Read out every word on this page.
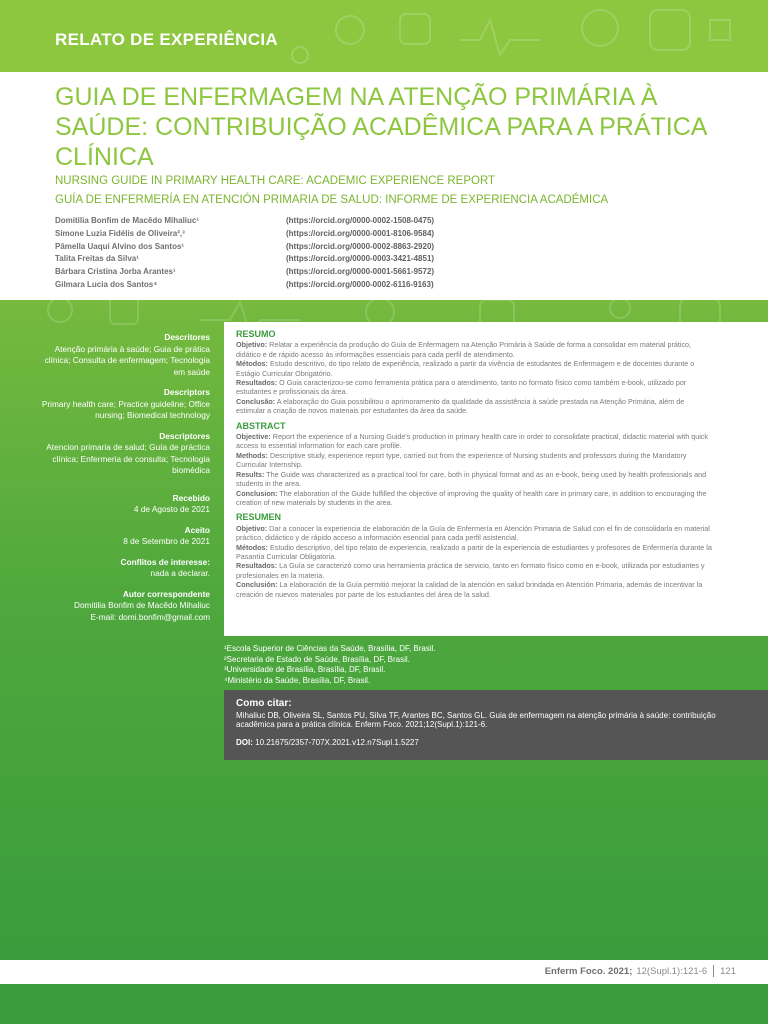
RELATO DE EXPERIÊNCIA
GUIA DE ENFERMAGEM NA ATENÇÃO PRIMÁRIA À SAÚDE: CONTRIBUIÇÃO ACADÊMICA PARA A PRÁTICA CLÍNICA
NURSING GUIDE IN PRIMARY HEALTH CARE: ACADEMIC EXPERIENCE REPORT
GUÍA DE ENFERMERÍA EN ATENCIÓN PRIMARIA DE SALUD: INFORME DE EXPERIENCIA ACADÉMICA
Domitilia Bonfim de Macêdo Mihaliuc¹	(https://orcid.org/0000-0002-1508-0475)
Simone Luzia Fidélis de Oliveira²,³	(https://orcid.org/0000-0001-8106-9584)
Pâmella Uaqui Alvino dos Santos¹	(https://orcid.org/0000-0002-8863-2920)
Talita Freitas da Silva¹	(https://orcid.org/0000-0003-3421-4851)
Bárbara Cristina Jorba Arantes¹	(https://orcid.org/0000-0001-5661-9572)
Gilmara Lucia dos Santos⁴	(https://orcid.org/0000-0002-6116-9163)
Descritores
Atenção primária à saúde; Guia de prática clínica; Consulta de enfermagem; Tecnologia em saúde
Descriptors
Primary health care; Practice guideline; Office nursing; Biomedical technology
Descriptores
Atencion primaria de salud; Guía de práctica clínica; Enfermeria de consulta; Tecnologia biomédica
Recebido
4 de Agosto de 2021
Aceito
8 de Setembro de 2021
Conflitos de interesse:
nada a declarar.
Autor correspondente
Domitilia Bonfim de Macêdo Mihaliuc
E-mail: domi.bonfim@gmail.com
RESUMO
Objetivo: Relatar a experiência da produção do Guia de Enfermagem na Atenção Primária à Saúde de forma a consolidar em material prático, didático e de rápido acesso às informações essenciais para cada perfil de atendimento.
Métodos: Estudo descritivo, do tipo relato de experiência, realizado a partir da vivência de estudantes de Enfermagem e de docentes durante o Estágio Curricular Obrigatório.
Resultados: O Guia caracterizou-se como ferramenta prática para o atendimento, tanto no formato físico como também e-book, utilizado por estudantes e profissionais da área.
Conclusão: A elaboração do Guia possibilitou o aprimoramento da qualidade da assistência à saúde prestada na Atenção Primária, além de estimular a criação de novos materiais por estudantes da área da saúde.
ABSTRACT
Objective: Report the experience of a Nursing Guide's production in primary health care in order to consolidate practical, didactic material with quick access to essential information for each care profile.
Methods: Descriptive study, experience report type, carried out from the experience of Nursing students and professors during the Mandatory Curricular Internship.
Results: The Guide was characterized as a practical tool for care, both in physical format and as an e-book, being used by health professionals and students in the area.
Conclusion: The elaboration of the Guide fulfilled the objective of improving the quality of health care in primary care, in addition to encouraging the creation of new materials by students in the area.
RESUMEN
Objetivo: Dar a conocer la experiencia de elaboración de la Guía de Enfermería en Atención Primaria de Salud con el fin de consolidarla en material práctico, didáctico y de rápido acceso a información esencial para cada perfil asistencial.
Métodos: Estudio descriptivo, del tipo relato de experiencia, realizado a partir de la experiencia de estudiantes y profesores de Enfermería durante la Pasantía Curricular Obligatoria.
Resultados: La Guía se caracterizó como una herramienta práctica de servicio, tanto en formato físico como en e-book, utilizada por estudiantes y profesionales en la materia.
Conclusión: La elaboración de la Guía permitió mejorar la calidad de la atención en salud brindada en Atención Primaria, además de incentivar la creación de nuevos materiales por parte de los estudiantes del área de la salud.
¹Escola Superior de Ciências da Saúde, Brasília, DF, Brasil.
²Secretaria de Estado de Saúde, Brasília, DF, Brasil.
³Universidade de Brasília, Brasília, DF, Brasil.
⁴Ministério da Saúde, Brasília, DF, Brasil.
Como citar:
Mihaliuc DB, Oliveira SL, Santos PU, Silva TF, Arantes BC, Santos GL. Guia de enfermagem na atenção primária à saúde: contribuição acadêmica para a prática clínica. Enferm Foco. 2021;12(Supl.1):121-6.
DOI: 10.21675/2357-707X.2021.v12.n7Supl.1.5227
Enferm Foco. 2021; 12(Supl.1):121-6 121
